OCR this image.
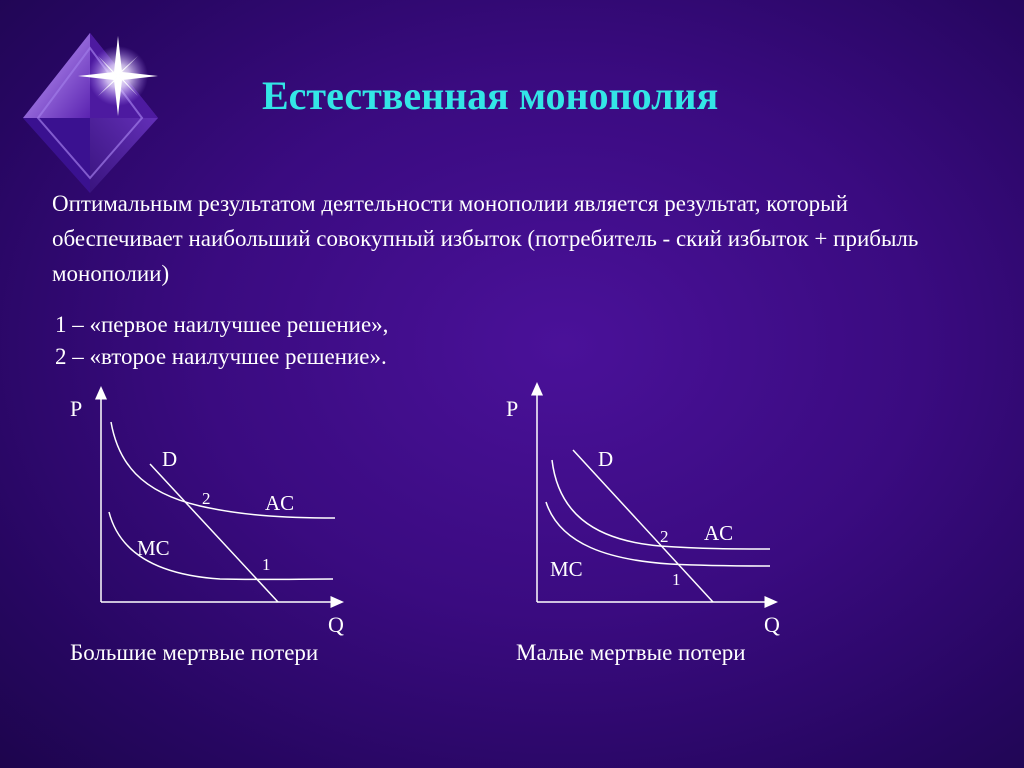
Естественная монополия

Оптимальным результатом деятельности монополии является результат, который обеспечивает наибольший совокупный избыток (потребитель - ский избыток + прибыль монополии)

1 – «первое наилучшее решение»,
2 – «второе наилучшее решение».
P
Q
D
AC
MC
2
1
P
Q
D
AC
MC
2
1
Большие мертвые потери	Малые мертвые потери
